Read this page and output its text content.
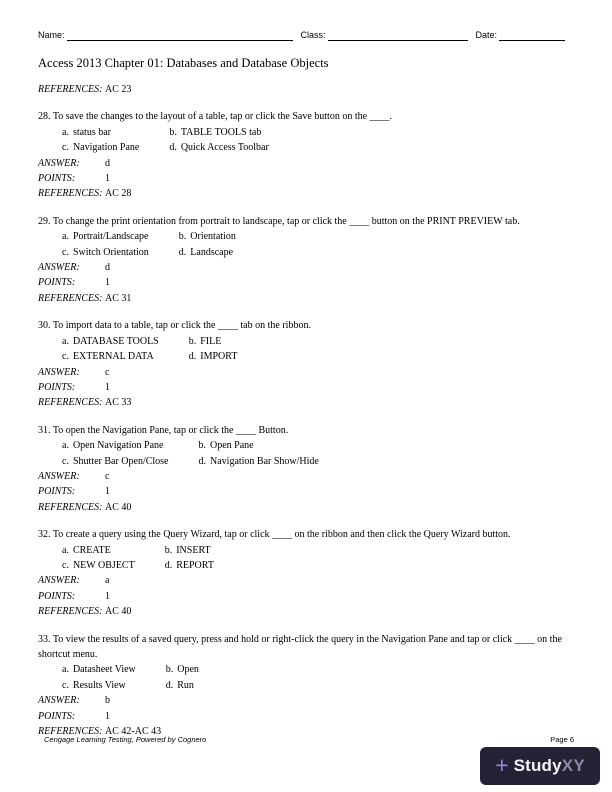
Name:	Class:	Date:
Access 2013 Chapter 01: Databases and Database Objects
REFERENCES: AC 23

28. To save the changes to the layout of a table, tap or click the Save button on the ____.

a. status bar	b. TABLE TOOLS tab
c. Navigation Pane	d. Quick Access Toolbar
ANSWER:	d
POINTS:	1
REFERENCES: AC 28

29. To change the print orientation from portrait to landscape, tap or click the ____ button on the PRINT PREVIEW tab.

a. Portrait/Landscape	b. Orientation
c. Switch Orientation	d. Landscape
ANSWER:	d
POINTS:	1
REFERENCES: AC 31

30. To import data to a table, tap or click the ____ tab on the ribbon.

a. DATABASE TOOLS	b. FILE
c. EXTERNAL DATA	d. IMPORT
ANSWER:	c
POINTS:	1
REFERENCES: AC 33

31. To open the Navigation Pane, tap or click the ____ Button.

a. Open Navigation Pane	b. Open Pane
c. Shutter Bar Open/Close	d. Navigation Bar Show/Hide
ANSWER:	c
POINTS:	1
REFERENCES: AC 40

32. To create a query using the Query Wizard, tap or click ____ on the ribbon and then click the Query Wizard button.

a. CREATE	b. INSERT
c. NEW OBJECT	d. REPORT
ANSWER:	a
POINTS:	1
REFERENCES: AC 40

33. To view the results of a saved query, press and hold or right-click the query in the Navigation Pane and tap or click ____ on the shortcut menu.

a. Datasheet View	b. Open
c. Results View	d. Run
ANSWER:	b
POINTS:	1
REFERENCES: AC 42-AC 43
Cengage Learning Testing, Powered by Cognero	Page 6
+ Study XY
